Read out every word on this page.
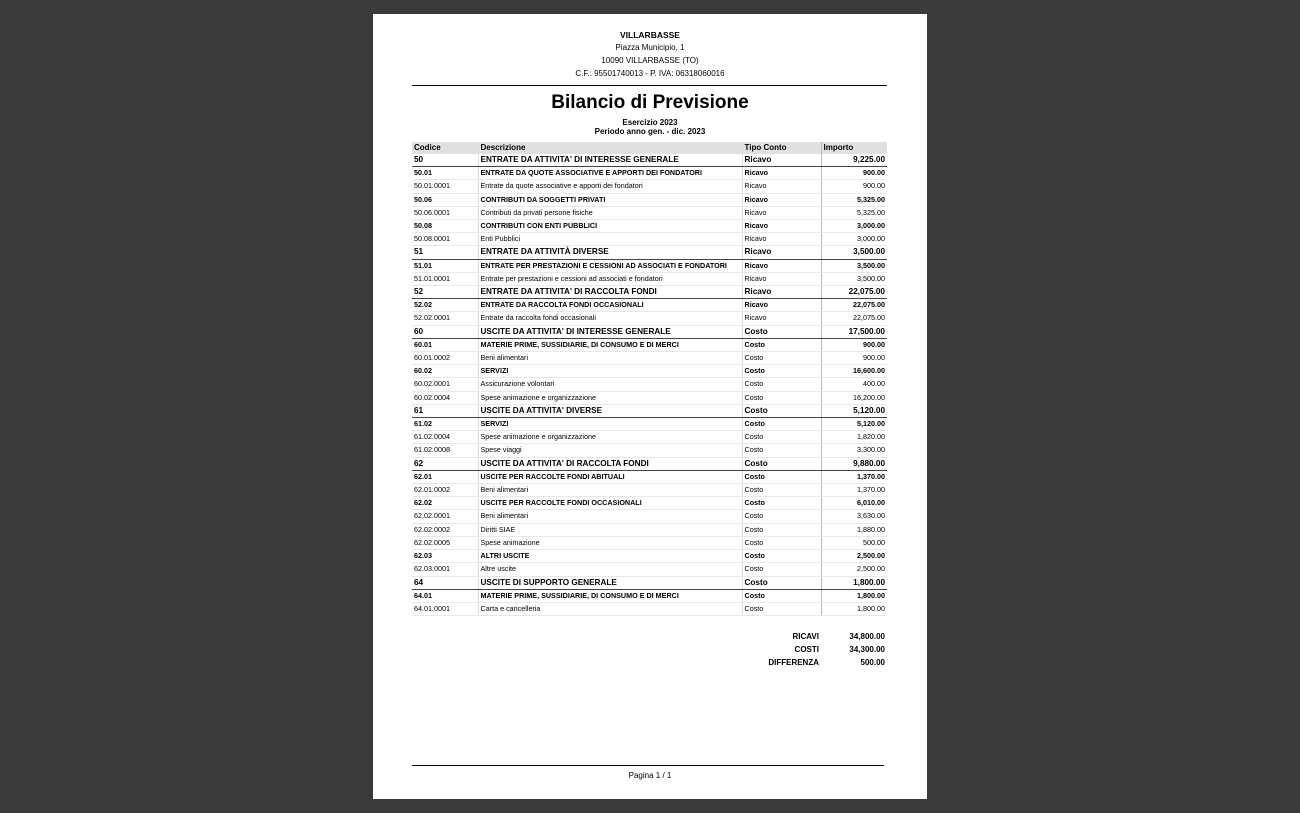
VILLARBASSE
Piazza Municipio, 1
10090 VILLARBASSE (TO)
C.F.: 95501740013 - P. IVA: 06318060016
Bilancio di Previsione
Esercizio 2023
Periodo anno gen. - dic. 2023
Codice	Descrizione	Tipo Conto	Importo
50	ENTRATE DA ATTIVITA' DI INTERESSE GENERALE	Ricavo	9,225.00
50.01	ENTRATE DA QUOTE ASSOCIATIVE E APPORTI DEI FONDATORI	Ricavo	900.00
50.01.0001	Entrate da quote associative e apporti dei fondatori	Ricavo	900.00
50.06	CONTRIBUTI DA SOGGETTI PRIVATI	Ricavo	5,325.00
50.06.0001	Contributi da privati persone fisiche	Ricavo	5,325.00
50.08	CONTRIBUTI CON ENTI PUBBLICI	Ricavo	3,000.00
50.08.0001	Enti Pubblici	Ricavo	3,000.00
51	ENTRATE DA ATTIVITÀ DIVERSE	Ricavo	3,500.00
51.01	ENTRATE PER PRESTAZIONI E CESSIONI AD ASSOCIATI E FONDATORI	Ricavo	3,500.00
51.01.0001	Entrate per prestazioni e cessioni ad associati e fondatori	Ricavo	3,500.00
52	ENTRATE DA ATTIVITA' DI RACCOLTA FONDI	Ricavo	22,075.00
52.02	ENTRATE DA RACCOLTA FONDI OCCASIONALI	Ricavo	22,075.00
52.02.0001	Entrate da raccolta fondi occasionali	Ricavo	22,075.00
60	USCITE DA ATTIVITA' DI INTERESSE GENERALE	Costo	17,500.00
60.01	MATERIE PRIME, SUSSIDIARIE, DI CONSUMO E DI MERCI	Costo	900.00
60.01.0002	Beni alimentari	Costo	900.00
60.02	SERVIZI	Costo	16,600.00
60.02.0001	Assicurazione volontari	Costo	400.00
60.02.0004	Spese animazione e organizzazione	Costo	16,200.00
61	USCITE DA ATTIVITA' DIVERSE	Costo	5,120.00
61.02	SERVIZI	Costo	5,120.00
61.02.0004	Spese animazione e organizzazione	Costo	1,820.00
61.02.0008	Spese viaggi	Costo	3,300.00
62	USCITE DA ATTIVITA' DI RACCOLTA FONDI	Costo	9,880.00
62.01	USCITE PER RACCOLTE FONDI ABITUALI	Costo	1,370.00
62.01.0002	Beni alimentari	Costo	1,370.00
62.02	USCITE PER RACCOLTE FONDI OCCASIONALI	Costo	6,010.00
62.02.0001	Beni alimentari	Costo	3,630.00
62.02.0002	Diritti SIAE	Costo	1,880.00
62.02.0005	Spese animazione	Costo	500.00
62.03	ALTRI USCITE	Costo	2,500.00
62.03.0001	Altre uscite	Costo	2,500.00
64	USCITE DI SUPPORTO GENERALE	Costo	1,800.00
64.01	MATERIE PRIME, SUSSIDIARIE, DI CONSUMO E DI MERCI	Costo	1,800.00
64.01.0001	Carta e cancelleria	Costo	1,800.00
RICAVI	34,800.00
COSTI	34,300.00
DIFFERENZA	500.00
Pagina 1 / 1
